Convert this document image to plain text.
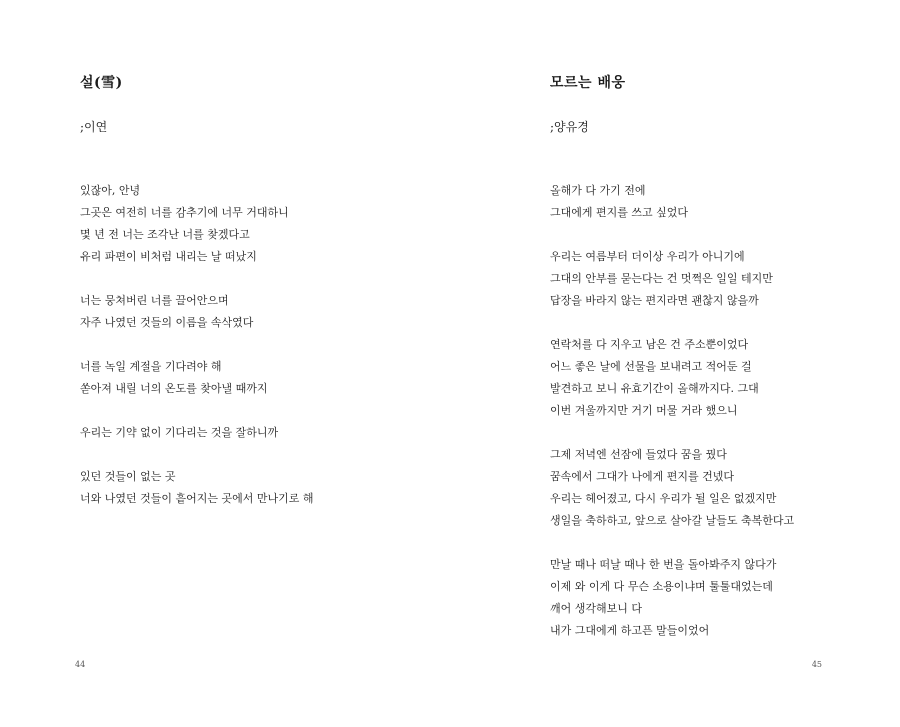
설(雪)

;이연

있잖아, 안녕
그곳은 여전히 너를 감추기에 너무 거대하니
몇 년 전 너는 조각난 너를 찾겠다고
유리 파편이 비처럼 내리는 날 떠났지
너는 뭉쳐버린 너를 끌어안으며
자주 나였던 것들의 이름을 속삭였다
너를 녹일 계절을 기다려야 해
쏟아져 내릴 너의 온도를 찾아낼 때까지
우리는 기약 없이 기다리는 것을 잘하니까
있던 것들이 없는 곳
너와 나였던 것들이 흩어지는 곳에서 만나기로 해
44
모르는 배웅

;양유경

올해가 다 가기 전에
그대에게 편지를 쓰고 싶었다
우리는 여름부터 더이상 우리가 아니기에
그대의 안부를 묻는다는 건 멋쩍은 일일 테지만
답장을 바라지 않는 편지라면 괜찮지 않을까
연락처를 다 지우고 남은 건 주소뿐이었다
어느 좋은 날에 선물을 보내려고 적어둔 걸
발견하고 보니 유효기간이 올해까지다. 그대
이번 겨울까지만 거기 머물 거라 했으니
그제 저녁엔 선잠에 들었다 꿈을 꿨다
꿈속에서 그대가 나에게 편지를 건넸다
우리는 헤어졌고, 다시 우리가 될 일은 없겠지만
생일을 축하하고, 앞으로 살아갈 날들도 축복한다고
만날 때나 떠날 때나 한 번을 돌아봐주지 않다가
이제 와 이게 다 무슨 소용이냐며 툴툴대었는데
깨어 생각해보니 다
내가 그대에게 하고픈 말들이었어
45
